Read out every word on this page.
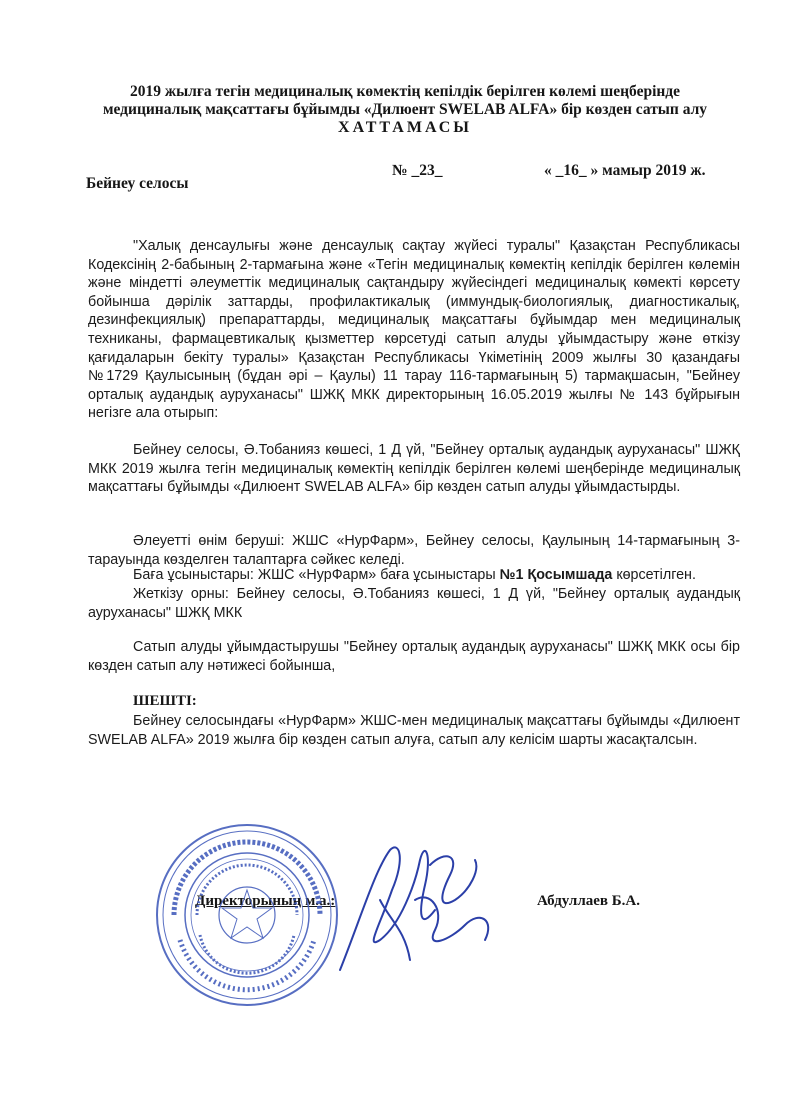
2019 жылға тегін медициналық көмектің кепілдік берілген көлемі шеңберінде
медициналық мақсаттағы бұйымды «Дилюент SWELAB ALFA» бір көзден сатып алу
ХАТТАМАСЫ
Бейнеу селосы
№ _23_	« _16_ » мамыр 2019 ж.
"Халық денсаулығы және денсаулық сақтау жүйесі туралы" Қазақстан Республикасы Кодексінің 2-бабының 2-тармағына және «Тегін медициналық көмектің кепілдік берілген көлемін және міндетті әлеуметтік медициналық сақтандыру жүйесіндегі медициналық көмекті көрсету бойынша дәрілік заттарды, профилактикалық (иммундық-биологиялық, диагностикалық, дезинфекциялық) препараттарды, медициналық мақсаттағы бұйымдар мен медициналық техниканы, фармацевтикалық қызметтер көрсетуді сатып алуды ұйымдастыру және өткізу қағидаларын бекіту туралы» Қазақстан Республикасы Үкіметінің 2009 жылғы 30 қазандағы №1729 Қаулысының (бұдан әрі – Қаулы) 11 тарау 116-тармағының 5) тармақшасын, "Бейнеу орталық аудандық ауруханасы" ШЖҚ МКК директорының 16.05.2019 жылғы № 143 бұйрығын негізге ала отырып:
Бейнеу селосы, Ә.Тобанияз көшесі, 1 Д үй, "Бейнеу орталық аудандық ауруханасы" ШЖҚ МКК 2019 жылға тегін медициналық көмектің кепілдік берілген көлемі шеңберінде медициналық мақсаттағы бұйымды «Дилюент SWELAB ALFA» бір көзден сатып алуды ұйымдастырды.
Әлеуетті өнім беруші: ЖШС «НурФарм», Бейнеу селосы, Қаулының 14-тармағының 3-тарауында көзделген талаптарға сәйкес келеді.
Баға ұсыныстары: ЖШС «НурФарм» баға ұсыныстары №1 Қосымшада көрсетілген.
Жеткізу орны: Бейнеу селосы, Ә.Тобанияз көшесі, 1 Д үй, "Бейнеу орталық аудандық ауруханасы" ШЖҚ МКК
Сатып алуды ұйымдастырушы "Бейнеу орталық аудандық ауруханасы" ШЖҚ МКК осы бір көзден сатып алу нәтижесі бойынша,
ШЕШТІ:
Бейнеу селосындағы «НурФарм» ЖШС-мен медициналық мақсаттағы бұйымды «Дилюент SWELAB ALFA» 2019 жылға бір көзден сатып алуға, сатып алу келісім шарты жасақталсын.
Директорының м.а.:	Абдуллаев Б.А.
